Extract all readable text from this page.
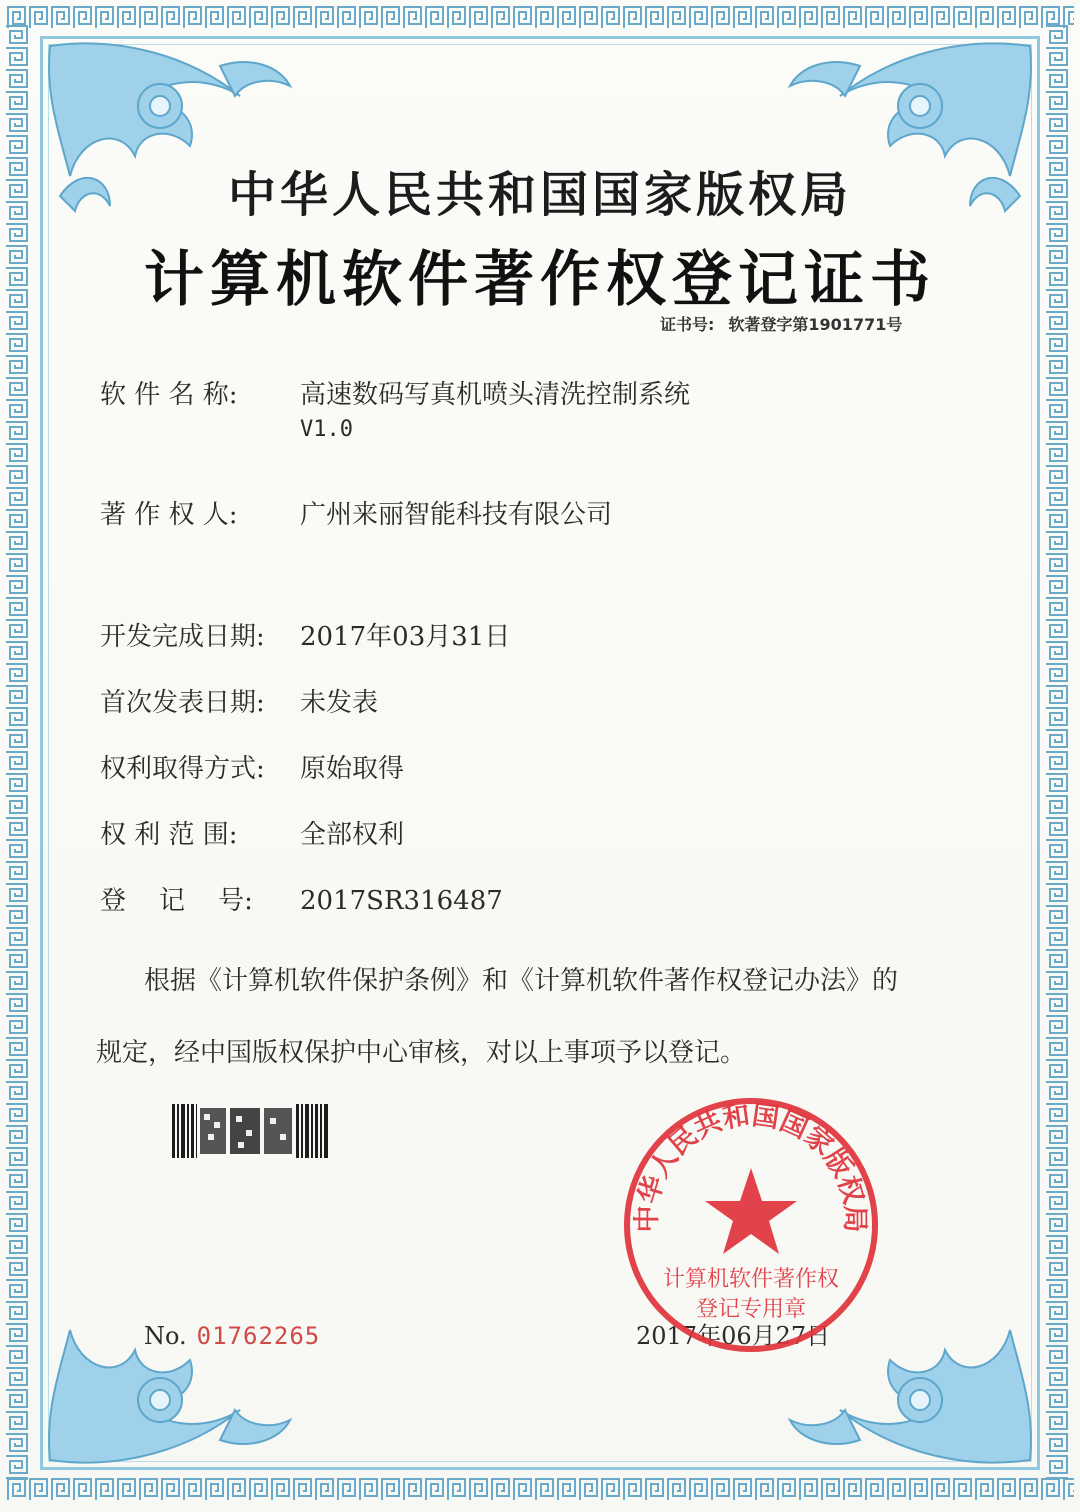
中华人民共和国国家版权局
计算机软件著作权登记证书
证书号: 软著登字第1901771号
软 件 名 称: 高速数码写真机喷头清洗控制系统
V1.0
著 作 权 人: 广州来丽智能科技有限公司
开发完成日期: 2017年03月31日
首次发表日期: 未发表
权利取得方式: 原始取得
权 利 范 围: 全部权利
登    记    号: 2017SR316487
根据《计算机软件保护条例》和《计算机软件著作权登记办法》的
规定，经中国版权保护中心审核，对以上事项予以登记。
No. 01762265	2017年06月27日
中华人民共和国国家版权局
计算机软件著作权
登记专用章
